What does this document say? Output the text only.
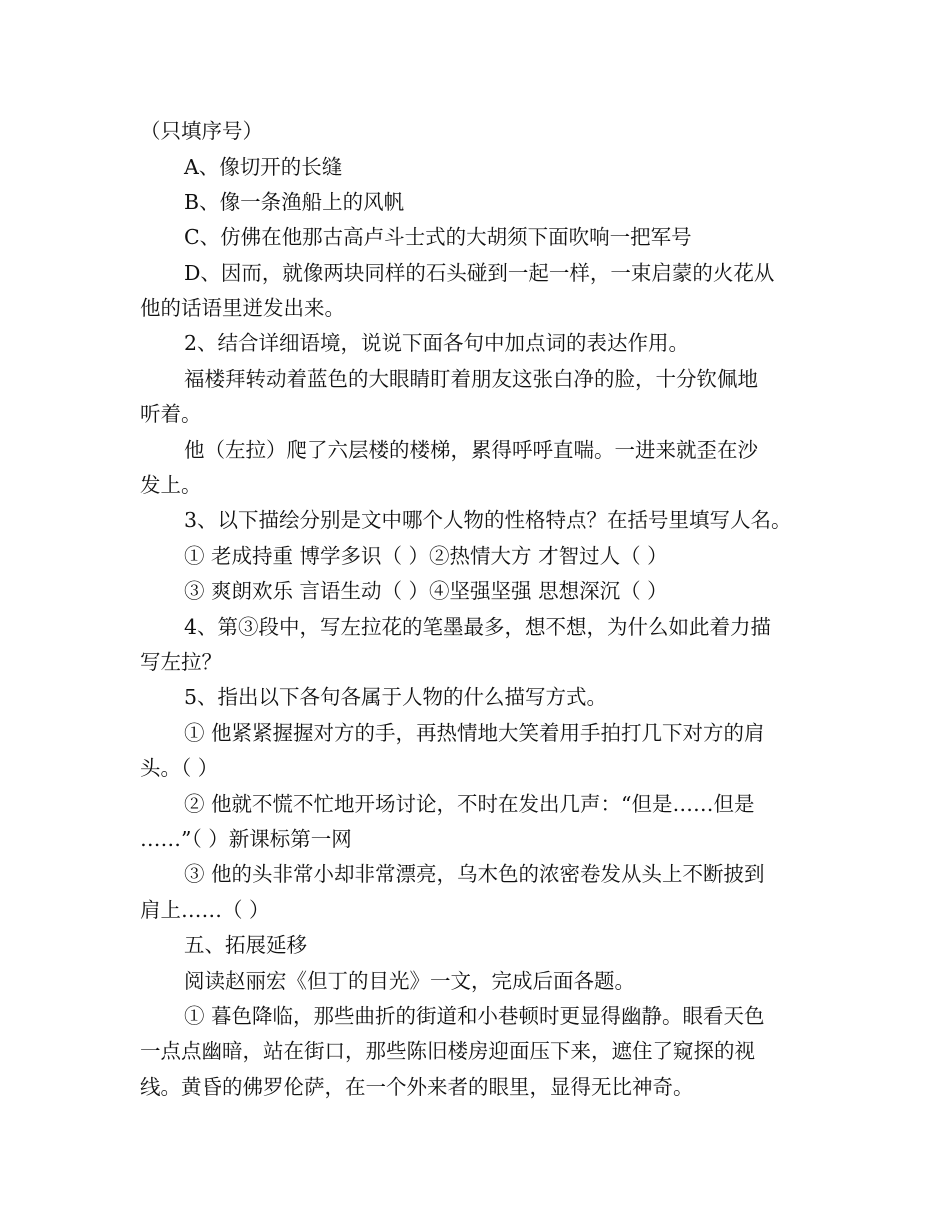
（只填序号）
A、像切开的长缝
B、像一条渔船上的风帆
C、仿佛在他那古高卢斗士式的大胡须下面吹响一把军号
D、因而，就像两块同样的石头碰到一起一样，一束启蒙的火花从
他的话语里迸发出来。
2、结合详细语境，说说下面各句中加点词的表达作用。
福楼拜转动着蓝色的大眼睛盯着朋友这张白净的脸，十分钦佩地
听着。
他（左拉）爬了六层楼的楼梯，累得呼呼直喘。一进来就歪在沙
发上。
3、以下描绘分别是文中哪个人物的性格特点？在括号里填写人名。
① 老成持重 博学多识（ ）②热情大方 才智过人（ ）
③ 爽朗欢乐 言语生动（ ）④坚强坚强 思想深沉（ ）
4、第③段中，写左拉花的笔墨最多，想不想，为什么如此着力描
写左拉？
5、指出以下各句各属于人物的什么描写方式。
① 他紧紧握握对方的手，再热情地大笑着用手拍打几下对方的肩
头。（ ）
② 他就不慌不忙地开场讨论，不时在发出几声：“但是……但是
……”（ ）新课标第一网
③ 他的头非常小却非常漂亮，乌木色的浓密卷发从头上不断披到
肩上……（ ）
五、拓展延移
阅读赵丽宏《但丁的目光》一文，完成后面各题。
① 暮色降临，那些曲折的街道和小巷顿时更显得幽静。眼看天色
一点点幽暗，站在街口，那些陈旧楼房迎面压下来，遮住了窥探的视
线。黄昏的佛罗伦萨，在一个外来者的眼里，显得无比神奇。
